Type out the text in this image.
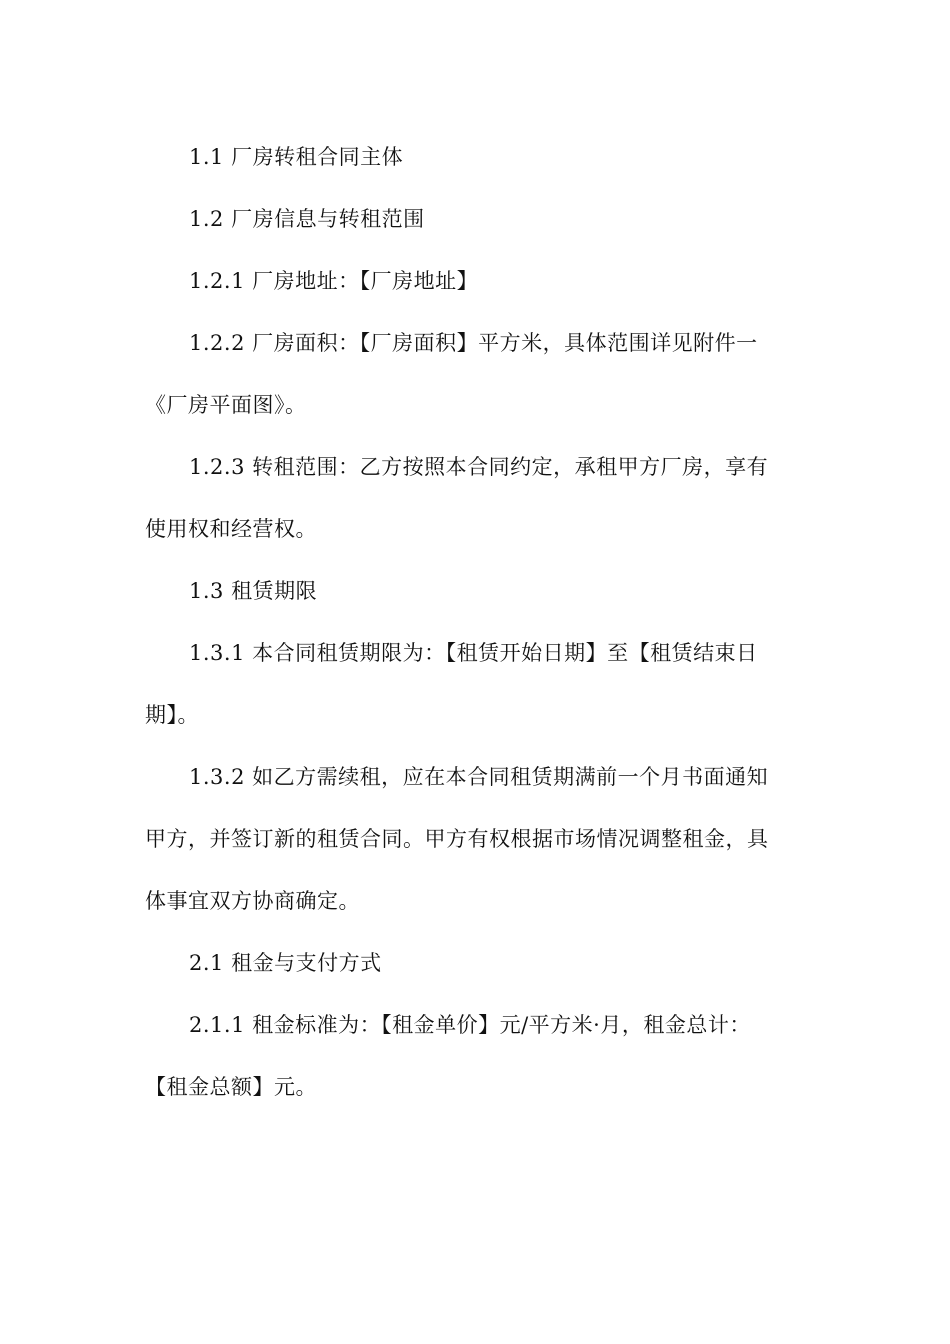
1.1 厂房转租合同主体

1.2 厂房信息与转租范围

1.2.1 厂房地址：【厂房地址】

1.2.2 厂房面积：【厂房面积】平方米，具体范围详见附件一
《厂房平面图》。

1.2.3 转租范围：乙方按照本合同约定，承租甲方厂房，享有
使用权和经营权。

1.3 租赁期限

1.3.1 本合同租赁期限为：【租赁开始日期】至【租赁结束日
期】。

1.3.2 如乙方需续租，应在本合同租赁期满前一个月书面通知
甲方，并签订新的租赁合同。甲方有权根据市场情况调整租金，具
体事宜双方协商确定。

2.1 租金与支付方式

2.1.1 租金标准为：【租金单价】元/平方米·月，租金总计：
【租金总额】元。
